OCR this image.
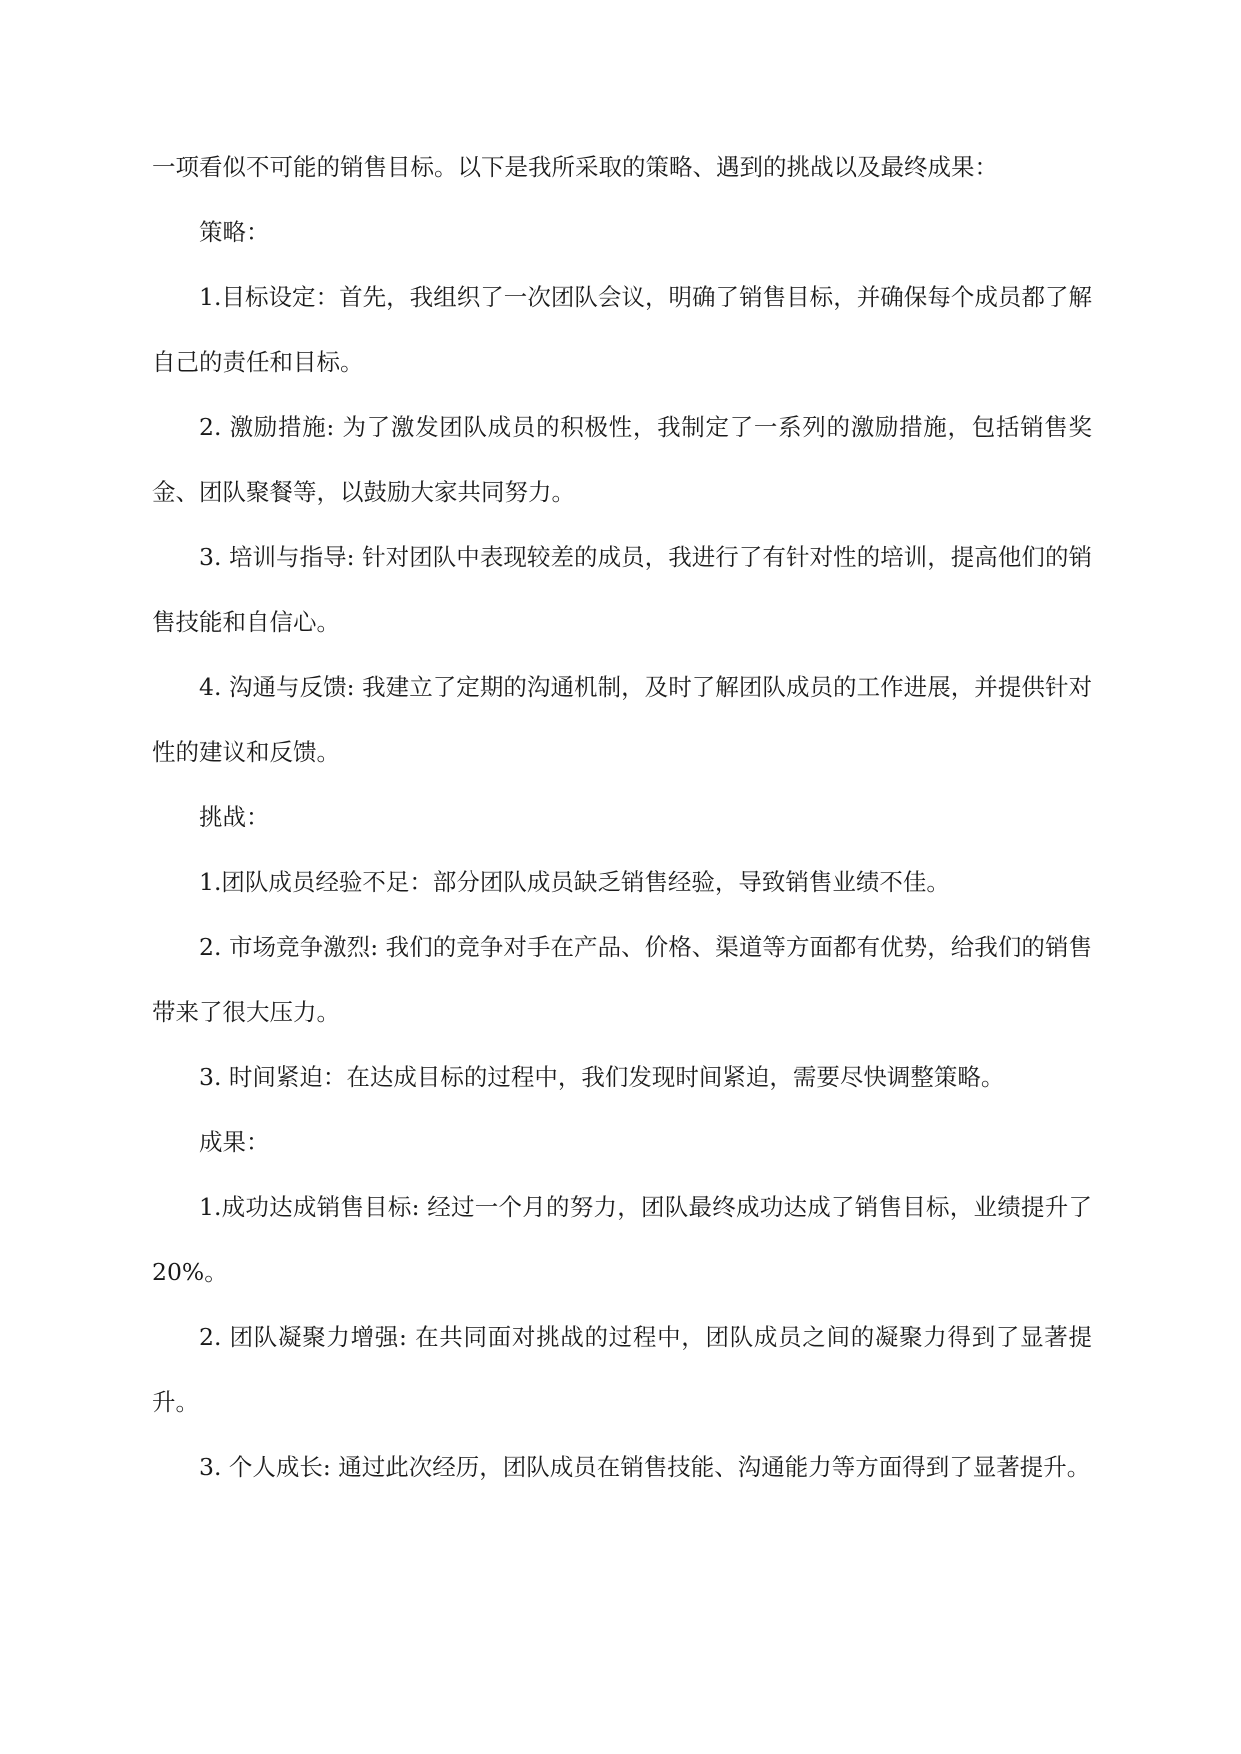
一项看似不可能的销售目标。以下是我所采取的策略、遇到的挑战以及最终成果：

策略：

1.目标设定：首先，我组织了一次团队会议，明确了销售目标，并确保每个成员都了解自己的责任和目标。

2. 激励措施: 为了激发团队成员的积极性，我制定了一系列的激励措施，包括销售奖金、团队聚餐等，以鼓励大家共同努力。

3. 培训与指导: 针对团队中表现较差的成员，我进行了有针对性的培训，提高他们的销售技能和自信心。

4. 沟通与反馈: 我建立了定期的沟通机制，及时了解团队成员的工作进展，并提供针对性的建议和反馈。

挑战：

1.团队成员经验不足：部分团队成员缺乏销售经验，导致销售业绩不佳。

2. 市场竞争激烈: 我们的竞争对手在产品、价格、渠道等方面都有优势，给我们的销售带来了很大压力。

3. 时间紧迫：在达成目标的过程中，我们发现时间紧迫，需要尽快调整策略。

成果：

1.成功达成销售目标: 经过一个月的努力，团队最终成功达成了销售目标，业绩提升了 20%。

2. 团队凝聚力增强: 在共同面对挑战的过程中，团队成员之间的凝聚力得到了显著提升。

3. 个人成长: 通过此次经历，团队成员在销售技能、沟通能力等方面得到了显著提升。
